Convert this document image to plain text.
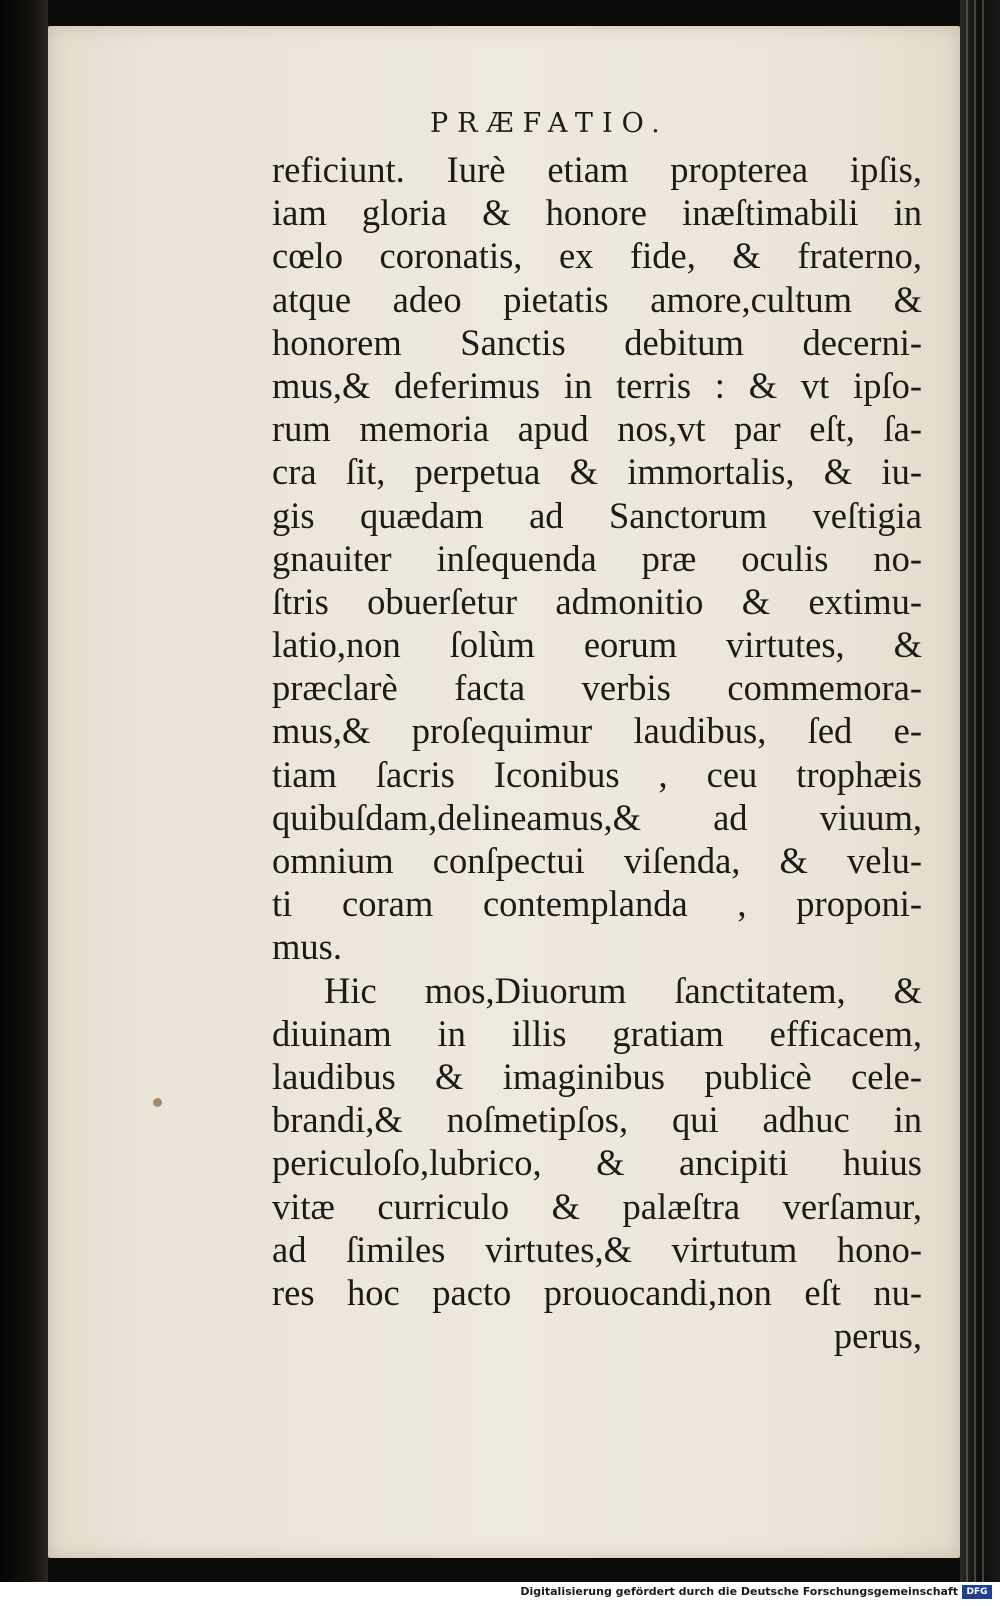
PRÆFATIO.
reficiunt. Iurè etiam propterea ipſis,
iam gloria & honore inæſtimabili in
cœlo coronatis, ex fide, & fraterno,
atque adeo pietatis amore,cultum &
honorem Sanctis debitum decerni-
mus,& deferimus in terris : & vt ipſo-
rum memoria apud nos,vt par eſt, ſa-
cra ſit, perpetua & immortalis, & iu-
gis quædam ad Sanctorum veſtigia
gnauiter inſequenda præ oculis no-
ſtris obuerſetur admonitio & extimu-
latio,non ſolùm eorum virtutes, &
præclarè facta verbis commemora-
mus,& proſequimur laudibus, ſed e-
tiam ſacris Iconibus , ceu trophæis
quibuſdam,delineamus,& ad viuum,
omnium conſpectui viſenda, & velu-
ti coram contemplanda , proponi-
mus.
Hic mos,Diuorum ſanctitatem, &
diuinam in illis gratiam efficacem,
laudibus & imaginibus publicè cele-
brandi,& noſmetipſos, qui adhuc in
periculoſo,lubrico, & ancipiti huius
vitæ curriculo & palæſtra verſamur,
ad ſimiles virtutes,& virtutum hono-
res hoc pacto prouocandi,non eſt nu-
perus,
Digitalisierung gefördert durch die Deutsche Forschungsgemeinschaft DFG
